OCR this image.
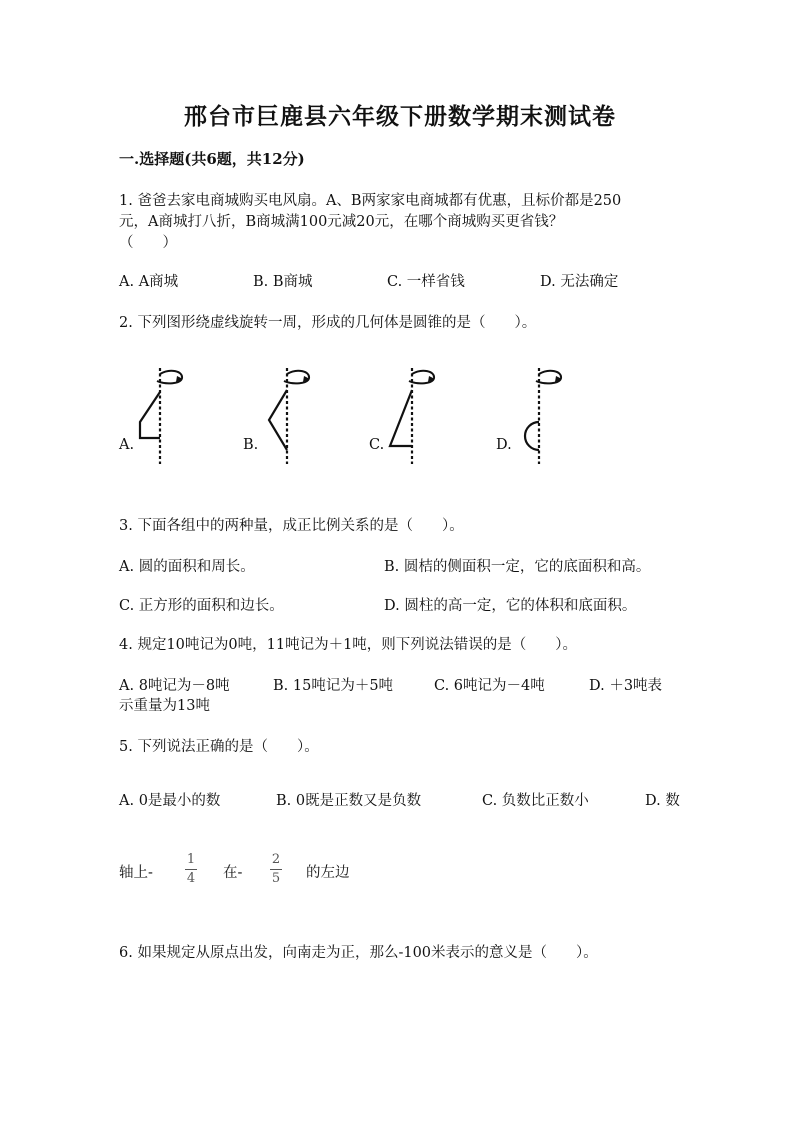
邢台市巨鹿县六年级下册数学期末测试卷
一.选择题(共6题，共12分)
1. 爸爸去家电商城购买电风扇。A、B两家家电商城都有优惠，且标价都是250
元，A商城打八折，B商城满100元减20元，在哪个商城购买更省钱？
（　　）
A. A商城	B. B商城	C. 一样省钱	D. 无法确定
2. 下列图形绕虚线旋转一周，形成的几何体是圆锥的是（　　）。
A.	B.	C.	D.
3. 下面各组中的两种量，成正比例关系的是（　　）。
A. 圆的面积和周长。	B. 圆桔的侧面积一定，它的底面积和高。
C. 正方形的面积和边长。	D. 圆柱的高一定，它的体积和底面积。
4. 规定10吨记为0吨，11吨记为＋1吨，则下列说法错误的是（　　）。
A. 8吨记为－8吨	B. 15吨记为＋5吨	C. 6吨记为－4吨	D. ＋3吨表
示重量为13吨
5. 下列说法正确的是（　　）。
A. 0是最小的数	B. 0既是正数又是负数	C. 负数比正数小	D. 数
轴上-
1
4 在-
2
5 的左边
6. 如果规定从原点出发，向南走为正，那么-100米表示的意义是（　　）。
